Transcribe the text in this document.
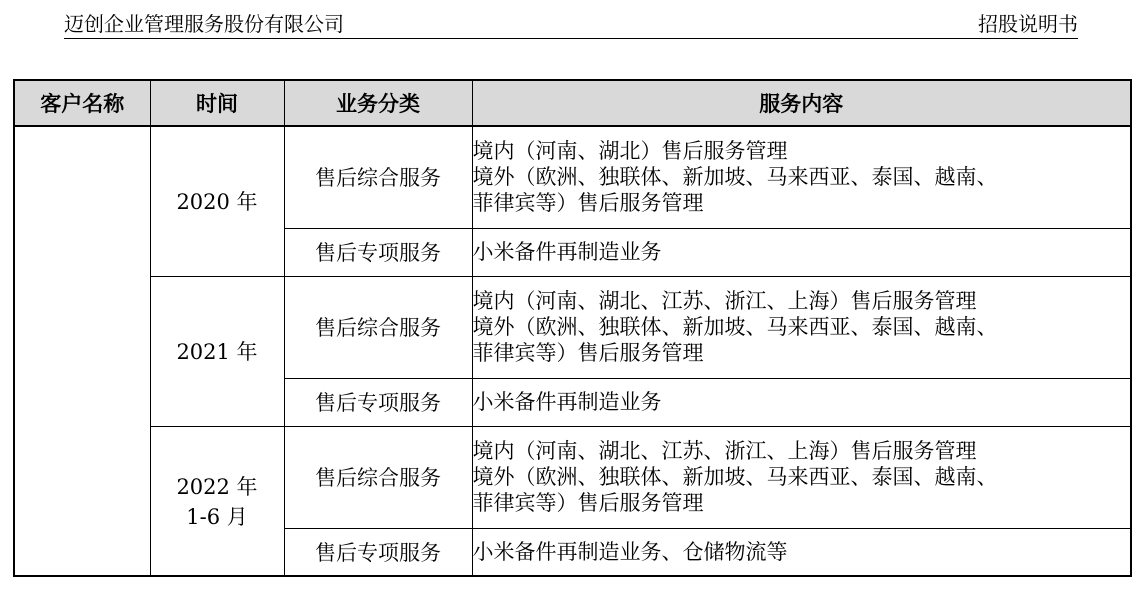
迈创企业管理服务股份有限公司	招股说明书
客户名称	时间	业务分类	服务内容

	2020 年	售后综合服务	境内（河南、湖北）售后服务管理
境外（欧洲、独联体、新加坡、马来西亚、泰国、越南、
菲律宾等）售后服务管理

		售后专项服务	小米备件再制造业务

	2021 年	售后综合服务	境内（河南、湖北、江苏、浙江、上海）售后服务管理
境外（欧洲、独联体、新加坡、马来西亚、泰国、越南、
菲律宾等）售后服务管理

		售后专项服务	小米备件再制造业务

	2022 年
1-6 月	售后综合服务	境内（河南、湖北、江苏、浙江、上海）售后服务管理
境外（欧洲、独联体、新加坡、马来西亚、泰国、越南、
菲律宾等）售后服务管理

		售后专项服务	小米备件再制造业务、仓储物流等
